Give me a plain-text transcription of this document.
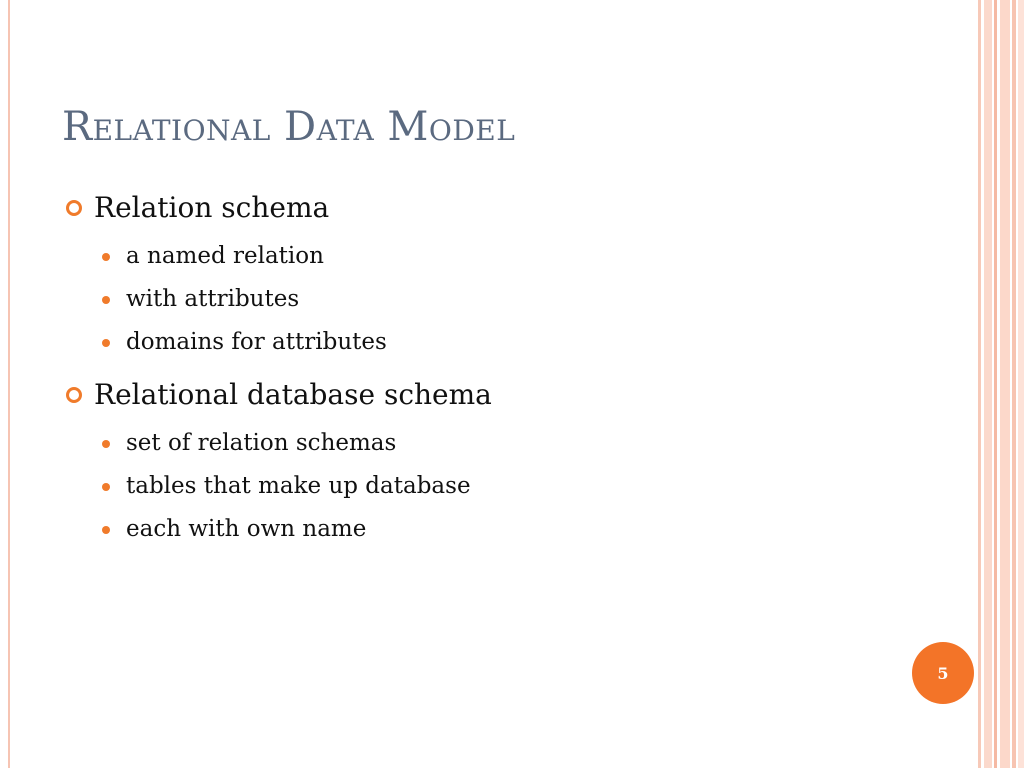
Relational Data Model
Relation schema
a named relation
with attributes
domains for attributes
Relational database schema
set of relation schemas
tables that make up database
each with own name
5
